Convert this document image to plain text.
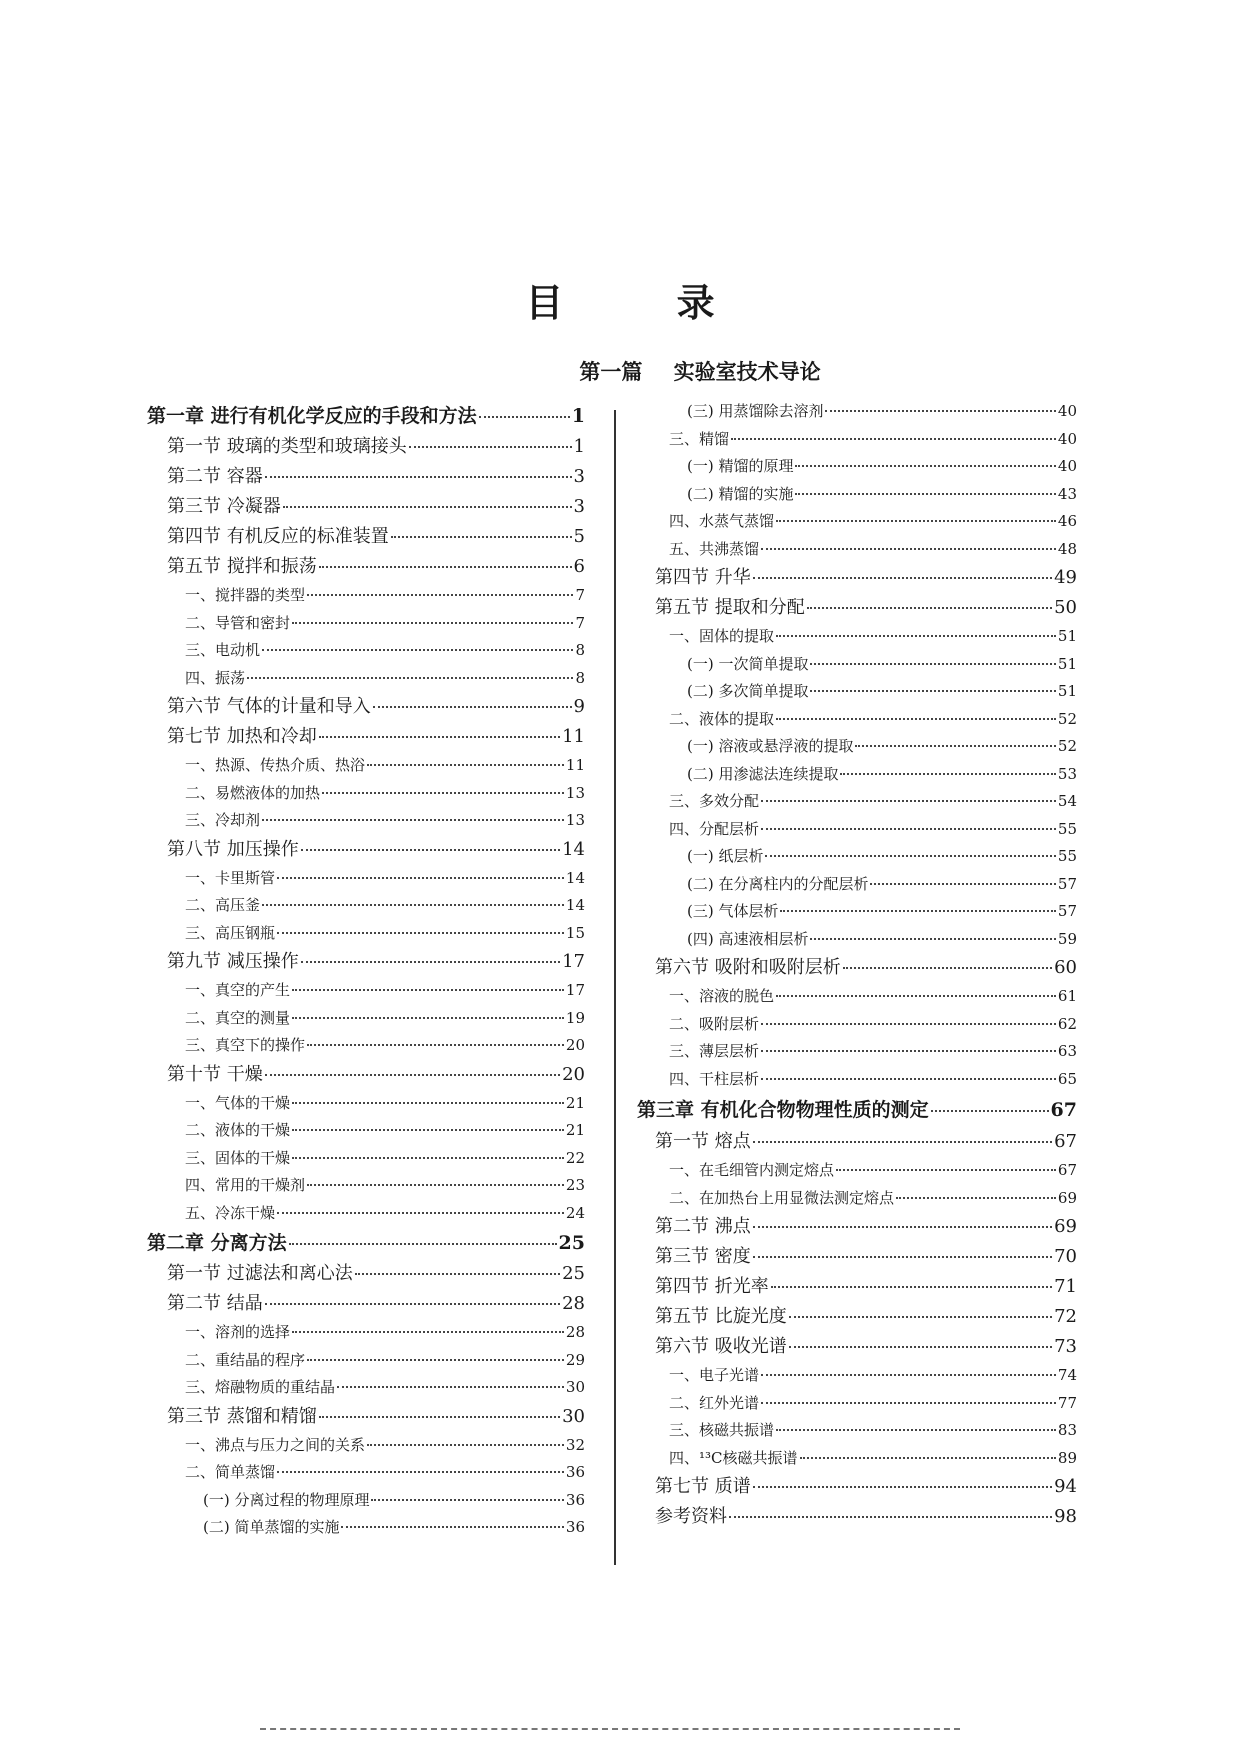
目 录
第一篇 实验室技术导论
第一章 进行有机化学反应的手段和方法	1
第一节 玻璃的类型和玻璃接头	1
第二节 容器	3
第三节 冷凝器	3
第四节 有机反应的标准装置	5
第五节 搅拌和振荡	6
一、搅拌器的类型	7
二、导管和密封	7
三、电动机	8
四、振荡	8
第六节 气体的计量和导入	9
第七节 加热和冷却	11
一、热源、传热介质、热浴	11
二、易燃液体的加热	13
三、冷却剂	13
第八节 加压操作	14
一、卡里斯管	14
二、高压釜	14
三、高压钢瓶	15
第九节 减压操作	17
一、真空的产生	17
二、真空的测量	19
三、真空下的操作	20
第十节 干燥	20
一、气体的干燥	21
二、液体的干燥	21
三、固体的干燥	22
四、常用的干燥剂	23
五、冷冻干燥	24
第二章 分离方法	25
第一节 过滤法和离心法	25
第二节 结晶	28
一、溶剂的选择	28
二、重结晶的程序	29
三、熔融物质的重结晶	30
第三节 蒸馏和精馏	30
一、沸点与压力之间的关系	32
二、简单蒸馏	36
(一) 分离过程的物理原理	36
(二) 简单蒸馏的实施	36
(三) 用蒸馏除去溶剂	40
三、精馏	40
(一) 精馏的原理	40
(二) 精馏的实施	43
四、水蒸气蒸馏	46
五、共沸蒸馏	48
第四节 升华	49
第五节 提取和分配	50
一、固体的提取	51
(一) 一次简单提取	51
(二) 多次简单提取	51
二、液体的提取	52
(一) 溶液或悬浮液的提取	52
(二) 用渗滤法连续提取	53
三、多效分配	54
四、分配层析	55
(一) 纸层析	55
(二) 在分离柱内的分配层析	57
(三) 气体层析	57
(四) 高速液相层析	59
第六节 吸附和吸附层析	60
一、溶液的脱色	61
二、吸附层析	62
三、薄层层析	63
四、干柱层析	65
第三章 有机化合物物理性质的测定	67
第一节 熔点	67
一、在毛细管内测定熔点	67
二、在加热台上用显微法测定熔点	69
第二节 沸点	69
第三节 密度	70
第四节 折光率	71
第五节 比旋光度	72
第六节 吸收光谱	73
一、电子光谱	74
二、红外光谱	77
三、核磁共振谱	83
四、¹³C核磁共振谱	89
第七节 质谱	94
参考资料	98
